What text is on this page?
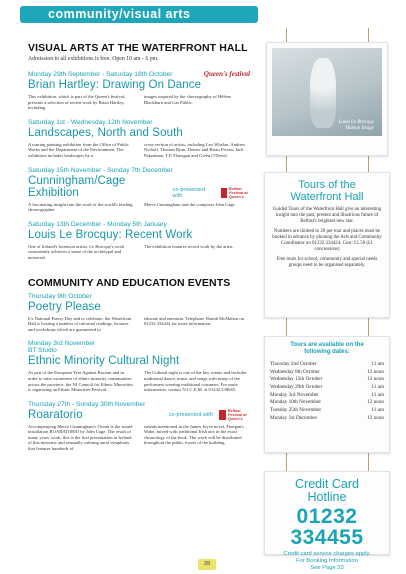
community/visual arts
VISUAL ARTS AT THE WATERFRONT HALL
Admission to all exhibitions is free. Open 10 am - 6 pm.
Monday 29th September - Saturday 18th October	Queen's festival
Brian Hartley: Drawing On Dance

This exhibition, which is part of the Queen's festival, presents a selection of recent work by Brian Hartley, including

images inspired by the choreography of Hélène Blackburn and Cas Public.

Saturday 1st - Wednesday 12th November
Landscapes, North and South

A touring painting exhibition from the Office of Public Works and the Department of the Environment. The exhibition includes landscapes by a

cross-section of artists, including Leo Whelan, Andrew Nicholl, Thomas Ryan, Denise and Brian Ferran, Jack Pakenham, T.P. Flanagan and Gwen O'Dowd.

Saturday 15th November - Sunday 7th December
Cunningham/Cage Exhibition	co-presented with
Belfast Festival at Queen's

A fascinating insight into the work of the world's leading choreographer

Merce Cunningham and the composer John Cage.

Saturday 13th December - Monday 5th January
Louis Le Brocquy: Recent Work

One of Ireland's foremost artists, Le Brocquy's work consistently achieves a sense of the archetypal and universal.

The exhibition features recent work by the artist.

COMMUNITY AND EDUCATION EVENTS
Thursday 9th October
Poetry Please

It's National Poetry Day and to celebrate, the Waterfront Hall is hosting a number of informal readings, lectures and workshops which are guaranteed to

educate and entertain. Telephone Niamh McMahon on 01232 334424 for more information.

Monday 3rd November
BT Studio
Ethnic Minority Cultural Night

As part of the European Year Against Racism and in order to raise awareness of ethnic minority communities across the province, the NI Council for Ethnic Minorities is organising an Ethnic Minorities Festival.

The Cultural night is one of the key events and includes traditional dance, music and songs with many of the performers wearing traditional costumes. For more information, contact N.I.C.E.M. at 01232 238645.

Thursday 27th - Sunday 30th November
Roaratorio	co-presented with
Belfast Festival at Queen's

Accompanying Merce Cunningham's Ocean is the sound installation ROARATORIO by John Cage. The result of many years' work, this is the first presentation in Ireland of this mesostic and sensually calming aural symphony that features hundreds of

sounds mentioned in the James Joyce novel, Finegan's Wake, mixed with traditional Irish airs in the exact chronology of the book. The work will be distributed throughout the public foyers of the building.

Louis Le Brocquy
Human Image
Tours of the
Waterfront Hall
Guided Tours of the Waterfront Hall give an interesting insight into the past, present and illustrious future of Belfast's brightest new star.
Numbers are limited to 20 per tour and places must be booked in advance by phoning the Arts and Community Coordinator on 01232 334424. Cost: £1.50 (£1 concessions)
Free tours for school, community and special needs groups need to be organised separately.
Tours are available on the
following dates:
Thursday 2nd October	11 am
Wednesday 8th October	12 noon
Wednesday 15th October	12 noon
Wednesday 29th October	11 am
Monday 3rd November	11 am
Monday 10th November	12 noon
Tuesday 25th November	11 am
Monday 1st December	12 noon
Credit Card
Hotline
01232
334455
Credit card service charges apply.
For Booking Information
See Page 33
39
